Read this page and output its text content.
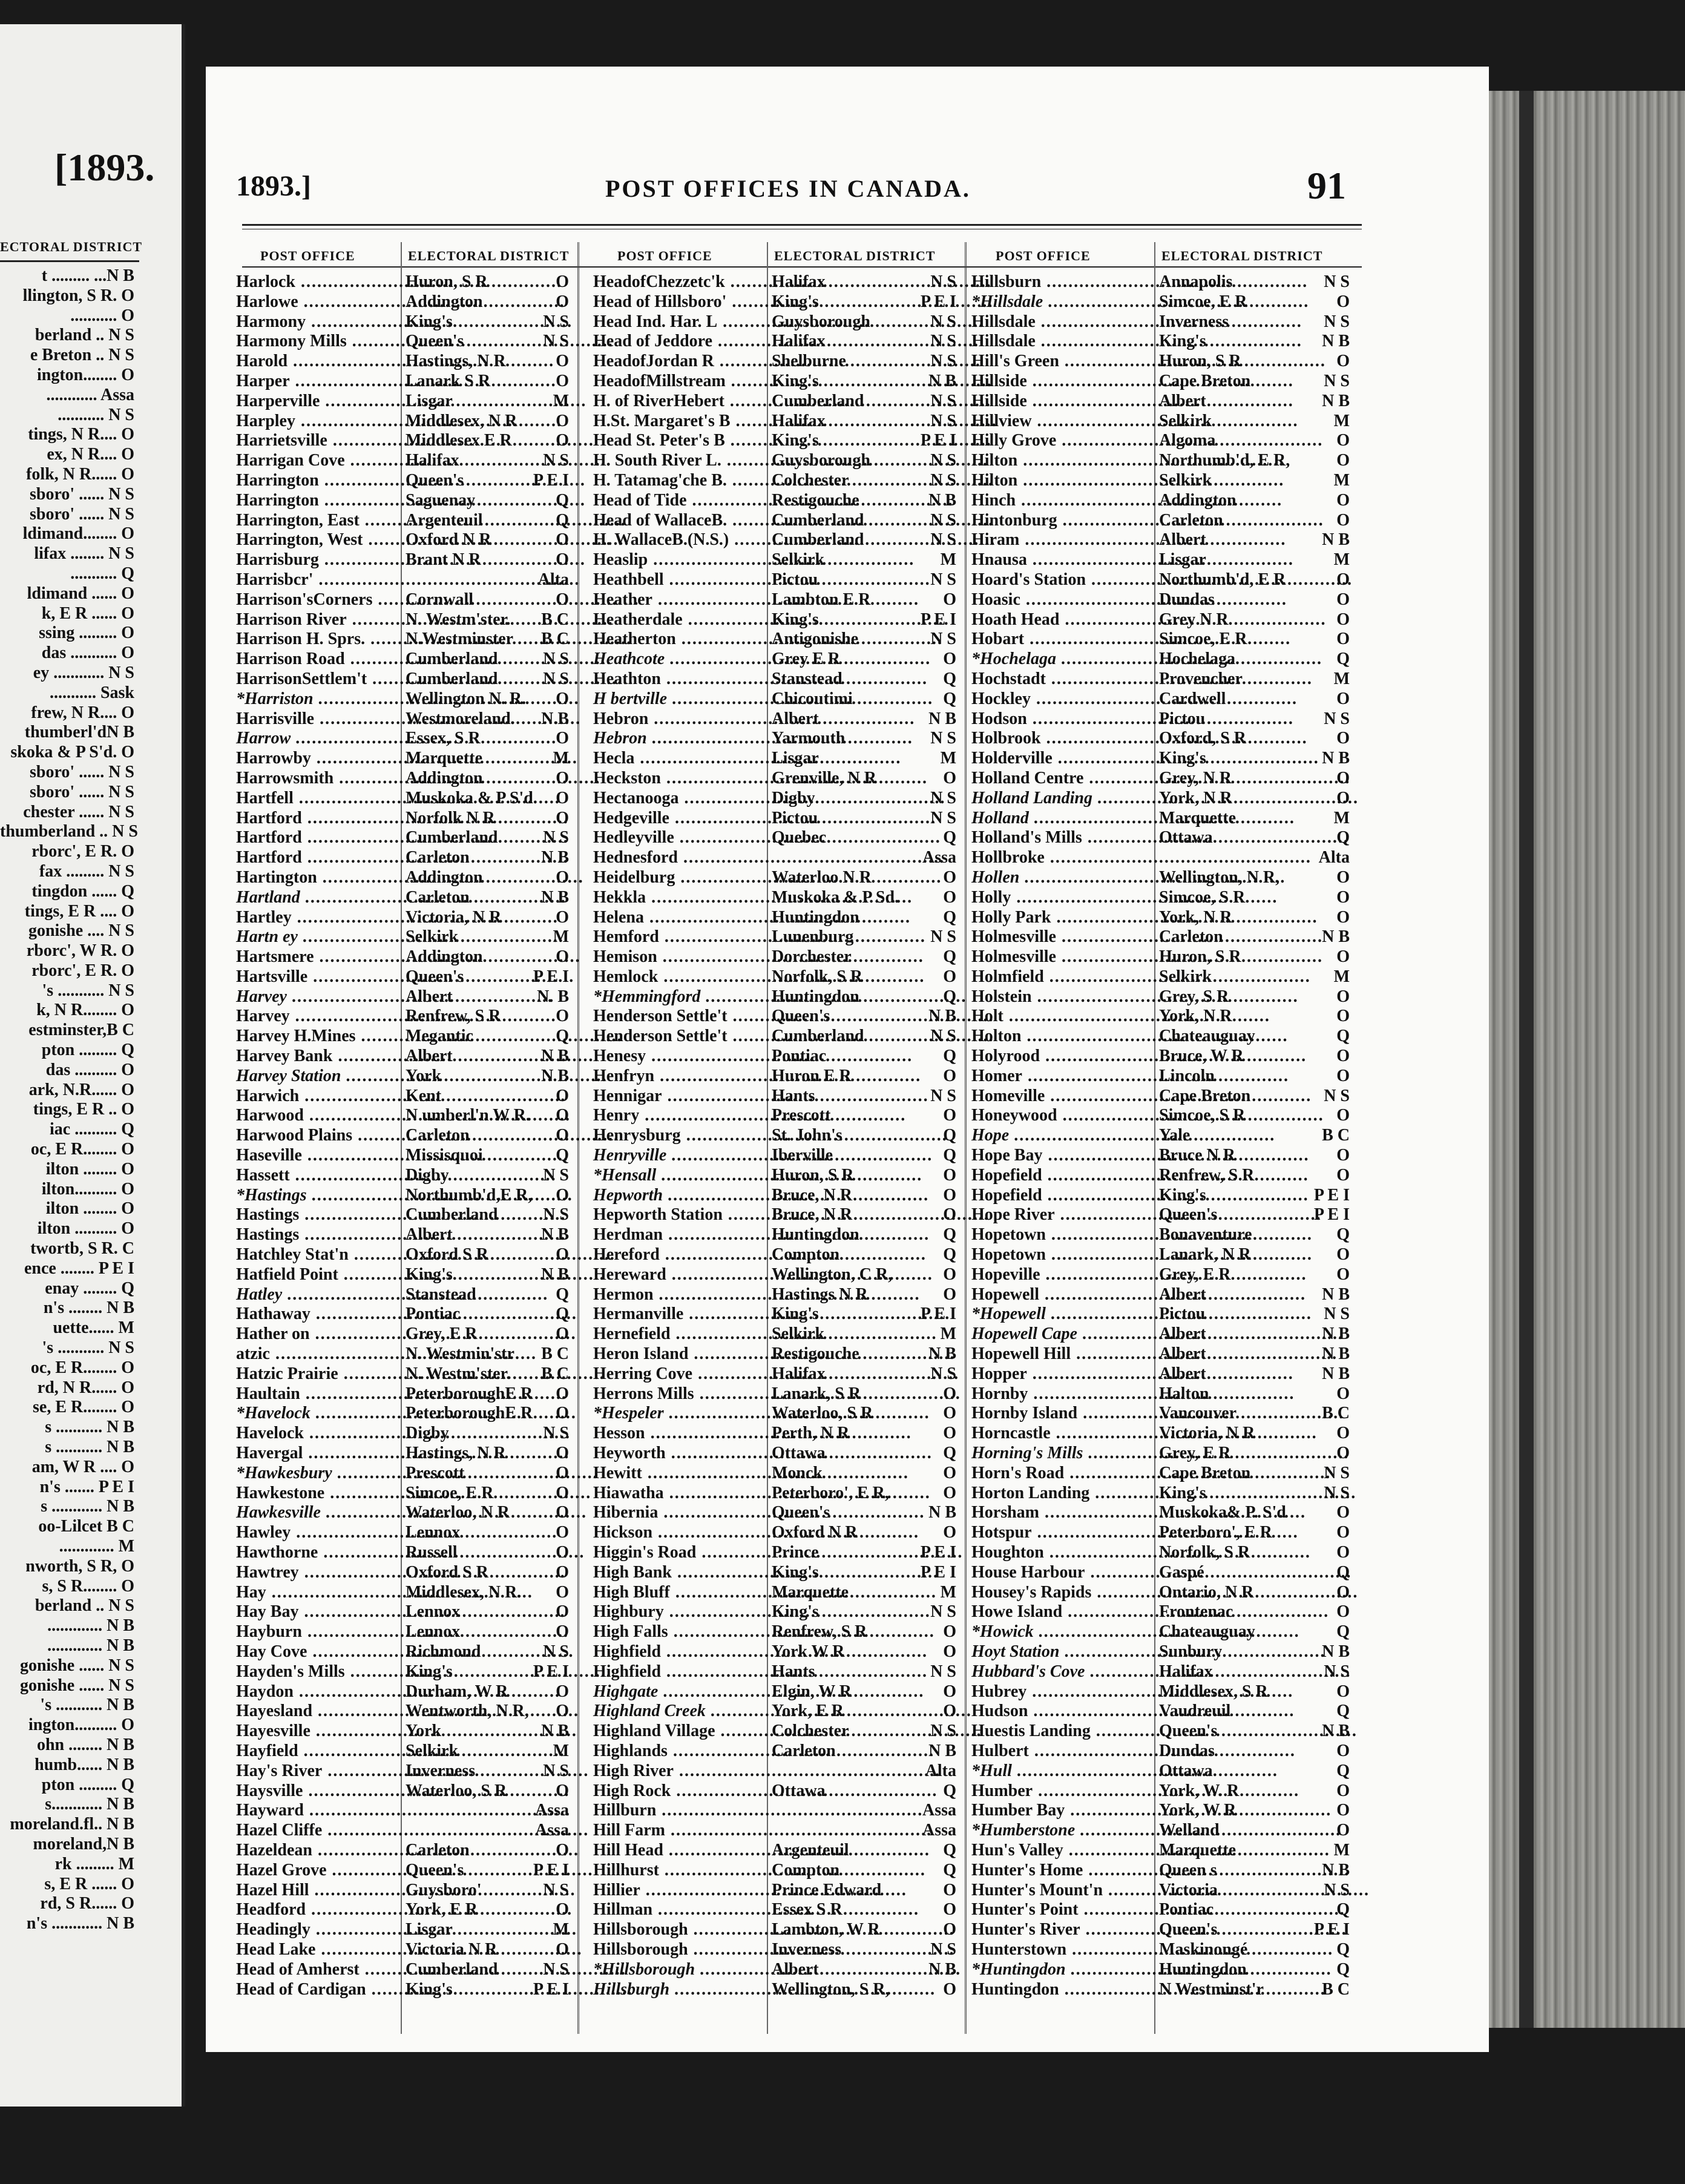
[1893.
ECTORAL DISTRICT
t ......... ...N B
llington, S R. O
........... O
berland .. N S
e Breton .. N S
ington........ O
............ Assa
........... N S
tings, N R.... O
ex, N R.... O
folk, N R...... O
sboro' ...... N S
sboro' ...... N S
ldimand........ O
lifax ........ N S
........... Q
ldimand ...... O
k, E R ...... O
ssing ......... O
das ........... O
ey ............ N S
........... Sask
frew, N R.... O
thumberl'dN B
skoka & P S'd. O
sboro' ...... N S
sboro' ...... N S
chester ...... N S
thumberland .. N S
rborc', E R. O
fax ......... N S
tingdon ...... Q
tings, E R .... O
gonishe .... N S
rborc', W R. O
rborc', E R. O
's ........... N S
k, N R........ O
estminster,B C
pton ......... Q
das .......... O
ark, N.R...... O
tings, E R .. O
iac .......... Q
oc, E R........ O
ilton ........ O
ilton.......... O
ilton ........ O
ilton .......... O
twortb, S R. C
ence ........ P E I
enay ........ Q
n's ........ N B
uette...... M
's ........... N S
oc, E R........ O
rd, N R...... O
se, E R........ O
s ........... N B
s ........... N B
am, W R .... O
n's ....... P E I
s ............ N B
oo-Lilcet B C
............. M
nworth, S R, O
s, S R........ O
berland .. N S
............. N B
............. N B
gonishe ...... N S
gonishe ...... N S
's ........... N B
ington.......... O
ohn ........ N B
humb...... N B
pton ......... Q
s............ N B
moreland.fl.. N B
moreland,N B
rk ......... M
s, E R ...... O
rd, S R...... O
n's ............ N B
1893.]	POST OFFICES IN CANADA.	91
POST OFFICE	ELECTORAL DISTRICT
Harlock .....	Huron, S R	O
Harlowe .....	Addington	O
Harmony .....	King's	N S
Harmony Mills .....	Queen's	N S
Harold .....	Hastings, N R	O
Harper .....	Lanark S R	O
Harperville .....	Lisgar	M
Harpley .....	Middlesex, N R	O
Harrietsville .....	Middlesex E R	O
Harrigan Cove .....	Halifax	N S
Harrington .....	Queen's	P E I
Harrington .....	Saguenay	Q
Harrington, East .....	Argenteuil	Q
Harrington, West .....	Oxford N R	O
Harrisburg .....	Brant N R	O
Harrisbcr' .....	Alta
Harrison'sCorners .....	Cornwall	O
Harrison River .....	N. Westm'ster.	B C
Harrison H. Sprs. .....	N.Westminster	B C
Harrison Road .....	Cumberland	N S
HarrisonSettlem't .....	Cumberland	N S
*Harriston .....	Wellington N. R.	O
Harrisville .....	Westmoreland.	N.B
Harrow .....	Essex, S R	O
Harrowby .....	Marquette	M
Harrowsmith .....	Addington	O
Hartfell .....	Muskoka & P S'd.	O
Hartford .....	Norfolk N R	O
Hartford .....	Cumberland	N S
Hartford .....	Carleton	N B
Hartington .....	Addington	O
Hartland .....	Carleton	N B
Hartley .....	Victoria, N R	O
Hartn ey .....	Selkirk	M
Hartsmere .....	Addington	O
Hartsville .....	Queen's	P E I
Harvey .....	Albert	N. B
Harvey .....	Renfrew, S R	O
Harvey H.Mines .....	Megantic	Q
Harvey Bank .....	Albert	N B
Harvey Station .....	York	N B
Harwich .....	Kent	O
Harwood .....	N umberl'n W R.	O
Harwood Plains .....	Carleton	O
Haseville .....	Missisquoi	Q
Hassett .....	Digby	N S
*Hastings .....	Northumb'd,E R,	O
Hastings .....	Cumberland	N S
Hastings .....	Albert	N B
Hatchley Stat'n .....	Oxford S R	O
Hatfield Point .....	King's	N B
Hatley .....	Stanstead	Q
Hathaway .....	Pontiac	Q
Hather on .....	Grey, E R	O
atzic .....	N. Westmin'str	B C
Hatzic Prairie .....	N. Westm'ster.	B C
Haultain .....	PeterboroughE R	O
*Havelock .....	PeterboroughE R	O
Havelock .....	Digby	N S
Havergal .....	Hastings, N R	O
*Hawkesbury .....	Prescott	O
Hawkestone .....	Simcoe, E R	O
Hawkesville .....	Waterloo, N R	O
Hawley .....	Lennox	O
Hawthorne .....	Russell	O
Hawtrey .....	Oxford S R	O
Hay .....	Middlesex, N R.	O
Hay Bay .....	Lennox	O
Hayburn .....	Lennox	O
Hay Cove .....	Richmond	N S
Hayden's Mills .....	King's	P E I
Haydon .....	Durham, W R	O
Hayesland .....	Wentworth, N R,	O
Hayesville .....	York	N B
Hayfield .....	Selkirk	M
Hay's River .....	Inverness	N S
Haysville .....	Waterloo, S R	O
Hayward .....	Assa
Hazel Cliffe .....	Assa
Hazeldean .....	Carleton	O
Hazel Grove .....	Queen's	P E I
Hazel Hill .....	Guysboro'	N S
Headford .....	York, E R	O
Headingly .....	Lisgar	M
Head Lake .....	Victoria N R	O
Head of Amherst .....	Cumberland	N S
Head of Cardigan .....	King's	P E I
POST OFFICE	ELECTORAL DISTRICT
HeadofChezzetc'k .....	Halifax	N S
Head of Hillsboro' .....	King's	P E I
Head Ind. Har. L .....	Guysborough	N S
Head of Jeddore .....	Halifax	N S
HeadofJordan R .....	Shelburne	N S
HeadofMillstream .....	King's	N B
H. of RiverHebert .....	Cumberland	N S
H.St. Margaret's B .....	Halifax	N S
Head St. Peter's B .....	King's	P E I
H. South River L. .....	Guysborough	N S
H. Tatamag'che B. .....	Colchester	N S
Head of Tide .....	Restigouche	N B
Head of WallaceB. .....	Cumberland	N S
H. WallaceB.(N.S.) .....	Cumberland	N S
Heaslip .....	Selkirk	M
Heathbell .....	Pictou	N S
Heather .....	Lambton E R	O
Heatherdale .....	King's	P E I
Heatherton .....	Antigonishe	N S
Heathcote .....	Grey E R	O
Heathton .....	Stanstead	Q
H bertville .....	Chicoutimi	Q
Hebron .....	Albert	N B
Hebron .....	Yarmouth	N S
Hecla .....	Lisgar	M
Heckston .....	Grenville, N R	O
Hectanooga .....	Digby	N S
Hedgeville .....	Pictou	N S
Hedleyville .....	Quebec	Q
Hednesford .....	Assa
Heidelburg .....	Waterloo N R	O
Hekkla .....	Muskoka & P Sd.	O
Helena .....	Huntingdon	Q
Hemford .....	Lunenburg	N S
Hemison .....	Dorchester	Q
Hemlock .....	Norfolk, S R	O
*Hemmingford .....	Huntingdon	Q
Henderson Settle't .....	Queen's	N B
Henderson Settle't .....	Cumberland	N S
Henesy .....	Pontiac	Q
Henfryn .....	Huron E R	O
Hennigar .....	Hants	N S
Henry .....	Prescott	O
Henrysburg .....	St. John's	Q
Henryville .....	Iberville	Q
*Hensall .....	Huron, S R	O
Hepworth .....	Bruce, N R	O
Hepworth Station .....	Bruce, N R	O
Herdman .....	Huntingdon	Q
Hereford .....	Compton	Q
Hereward .....	Wellington, C R,	O
Hermon .....	Hastings N R	O
Hermanville .....	King's	P E I
Hernefield .....	Selkirk	M
Heron Island .....	Restigouche	N B
Herring Cove .....	Halifax	N S
Herrons Mills .....	Lanark, S R	O
*Hespeler .....	Waterloo, S R	O
Hesson .....	Perth, N R	O
Heyworth .....	Ottawa	Q
Hewitt .....	Monck	O
Hiawatha .....	Peterboro', E R,	O
Hibernia .....	Queen's	N B
Hickson .....	Oxford N R	O
Higgin's Road .....	Prince	P E I
High Bank .....	King's	P E I
High Bluff .....	Marquette	M
Highbury .....	King's	N S
High Falls .....	Renfrew, S R	O
Highfield .....	York W R	O
Highfield .....	Hants	N S
Highgate .....	Elgin, W R	O
Highland Creek .....	York, E R	O
Highland Village .....	Colchester	N S
Highlands .....	Carleton	N B
High River .....	Alta
High Rock .....	Ottawa	Q
Hillburn .....	Assa
Hill Farm .....	Assa
Hill Head .....	Argenteuil	Q
Hillhurst .....	Compton	Q
Hillier .....	Prince Edward	O
Hillman .....	Essex S R	O
Hillsborough .....	Lambton, W R	O
Hillsborough .....	Inverness	N S
*Hillsborough .....	Albert	N B
Hillsburgh .....	Wellington, S R,	O
POST OFFICE	ELECTORAL DISTRICT
Hillsburn .....	Annapolis	N S
*Hillsdale .....	Simcoe, E R	O
Hillsdale .....	Inverness	N S
Hillsdale .....	King's	N B
Hill's Green .....	Huron, S R	O
Hillside .....	Cape Breton	N S
Hillside .....	Albert	N B
Hillview .....	Selkirk	M
Hilly Grove .....	Algoma	O
Hilton .....	Northumb'd, E R,	O
Hilton .....	Selkirk	M
Hinch .....	Addington	O
Hintonburg .....	Carleton	O
Hiram .....	Albert	N B
Hnausa .....	Lisgar	M
Hoard's Station .....	Northumb'd, E R	O
Hoasic .....	Dundas	O
Hoath Head .....	Grey N R	O
Hobart .....	Simcoe, E R	O
*Hochelaga .....	Hochelaga	Q
Hochstadt .....	Provencher	M
Hockley .....	Cardwell	O
Hodson .....	Pictou	N S
Holbrook .....	Oxford, S R	O
Holderville .....	King's	N B
Holland Centre .....	Grey, N R	O
Holland Landing .....	York, N R	O
Holland .....	Marquette	M
Holland's Mills .....	Ottawa	Q
Hollbroke .....	Alta
Hollen .....	Wellington, N R,	O
Holly .....	Simcoe, S R	O
Holly Park .....	York, N R	O
Holmesville .....	Carleton	N B
Holmesville .....	Huron, S R	O
Holmfield .....	Selkirk	M
Holstein .....	Grey, S R	O
Holt .....	York, N R	O
Holton .....	Chateauguay	Q
Holyrood .....	Bruce, W R	O
Homer .....	Lincoln	O
Homeville .....	Cape Breton	N S
Honeywood .....	Simcoe, S R	O
Hope .....	Yale	B C
Hope Bay .....	Bruce N R	O
Hopefield .....	Renfrew, S R	O
Hopefield .....	King's	P E I
Hope River .....	Queen's	P E I
Hopetown .....	Bonaventure	Q
Hopetown .....	Lanark, N R	O
Hopeville .....	Grey, E R	O
Hopewell .....	Albert	N B
*Hopewell .....	Pictou	N S
Hopewell Cape .....	Albert	N B
Hopewell Hill .....	Albert	N B
Hopper .....	Albert	N B
Hornby .....	Halton	O
Hornby Island .....	Vancouver	B C
Horncastle .....	Victoria, N R	O
Horning's Mills .....	Grey, E R	O
Horn's Road .....	Cape Breton	N S
Horton Landing .....	King's	N S
Horsham .....	Muskoka& P. S'd	O
Hotspur .....	Peterboro', E R	O
Houghton .....	Norfolk, S R	O
House Harbour .....	Gaspé	Q
Housey's Rapids .....	Ontario, N R	O
Howe Island .....	Frontenac	O
*Howick .....	Chateauguay	Q
Hoyt Station .....	Sunbury	N B
Hubbard's Cove .....	Halifax	N S
Hubrey .....	Middlesex, S R	O
Hudson .....	Vaudreuil	Q
Huestis Landing .....	Queen's	N B
Hulbert .....	Dundas	O
*Hull .....	Ottawa	Q
Humber .....	York, W. R	O
Humber Bay .....	York, W R	O
*Humberstone .....	Welland	O
Hun's Valley .....	Marquette	M
Hunter's Home .....	Queen s	N B
Hunter's Mount'n .....	Victoria	N S
Hunter's Point .....	Pontiac	Q
Hunter's River .....	Queen's	P E I
Hunterstown .....	Maskinongé	Q
*Huntingdon .....	Huntingdon	Q
Huntingdon .....	N Westminst'r	B C
